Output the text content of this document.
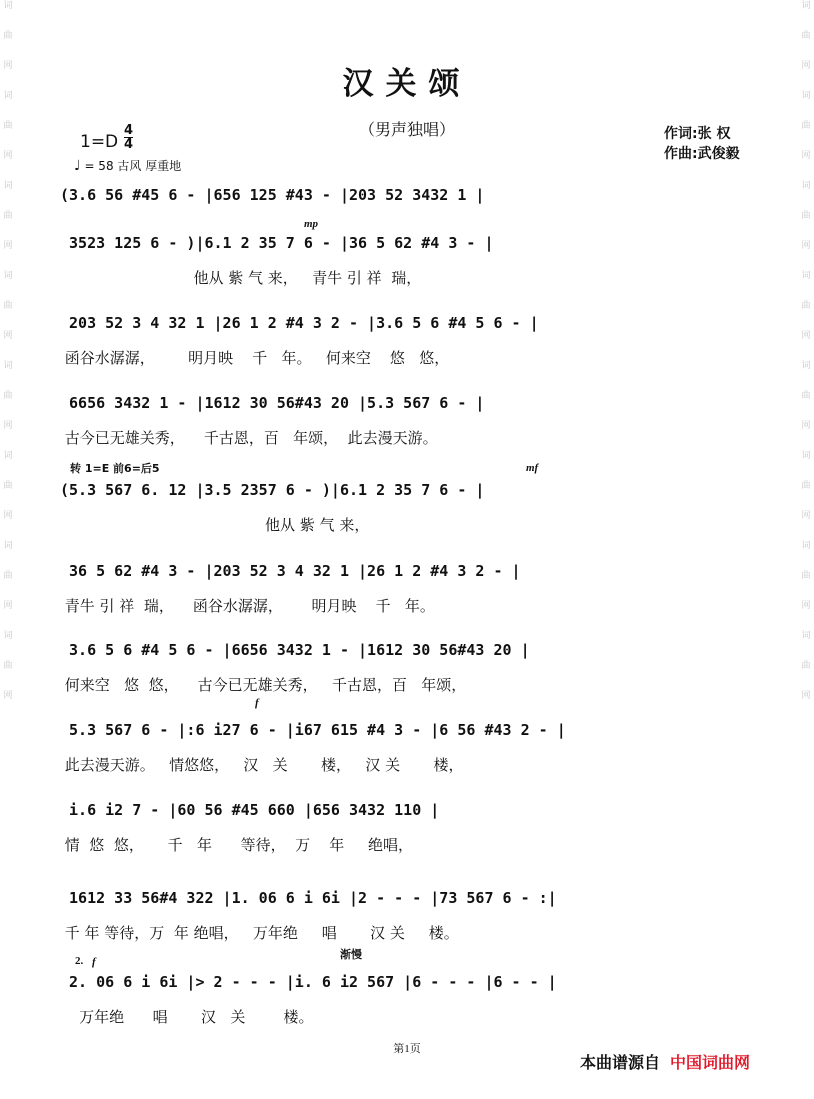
词
曲
网
词
曲
网
词
曲
网
词
曲
网
词
曲
网
词
曲
网
词
曲
网
词
曲
网
词
曲
网
词
曲
网
词
曲
网
词
曲
网
词
曲
网
词
曲
网
词
曲
网
词
曲
网
汉关颂
（男声独唱）
1=D
4
4
♩ = 58 古风 厚重地
作词:张 权
作曲:武俊毅
转 1=E 前6=后5
mp
mf
f
f
2.	渐慢
(3.6 56 #45 6 - |656 125 #43 - |203 52 3432 1 |
3523 125 6 - )|6.1 2 35 7 6 - |36 5 62 #4 3 - |
他从 紫 气 来，   青牛 引 祥  瑞，
203 52 3 4 32 1 |26 1 2 #4 3 2 - |3.6 5 6 #4 5 6 - |
函谷水潺潺，       明月映    千   年。   何来空    悠   悠，
6656 3432 1 - |1612 30 56#43 20 |5.3 567 6 - |
古今已无雄关秀，    千古恩，百   年颂，  此去漫天游。
(5.3 567 6. 12 |3.5 2357 6 - )|6.1 2 35 7 6 - |
他从 紫 气 来，
36 5 62 #4 3 - |203 52 3 4 32 1 |26 1 2 #4 3 2 - |
青牛 引 祥  瑞，    函谷水潺潺，      明月映    千   年。
3.6 5 6 #4 5 6 - |6656 3432 1 - |1612 30 56#43 20 |
何来空   悠  悠，    古今已无雄关秀，   千古恩，百   年颂，
5.3 567 6 - |:6 i27 6 - |i67 615 #4 3 - |6 56 #43 2 - |
此去漫天游。   情悠悠，   汉   关       楼，   汉 关       楼，
i.6 i2 7 - |60 56 #45 660 |656 3432 110 |
情  悠  悠，     千   年      等待，  万    年     绝唱，
1612 33 56#4 322 |1. 06 6 i 6i |2 - - - |73 567 6 - :|
千 年 等待，万  年 绝唱，   万年绝     唱       汉 关     楼。
2. 06 6 i 6i |> 2 - - - |i. 6 i2 567 |6 - - - |6 - - |
万年绝      唱       汉   关        楼。
第1页
本曲谱源自 中国词曲网
